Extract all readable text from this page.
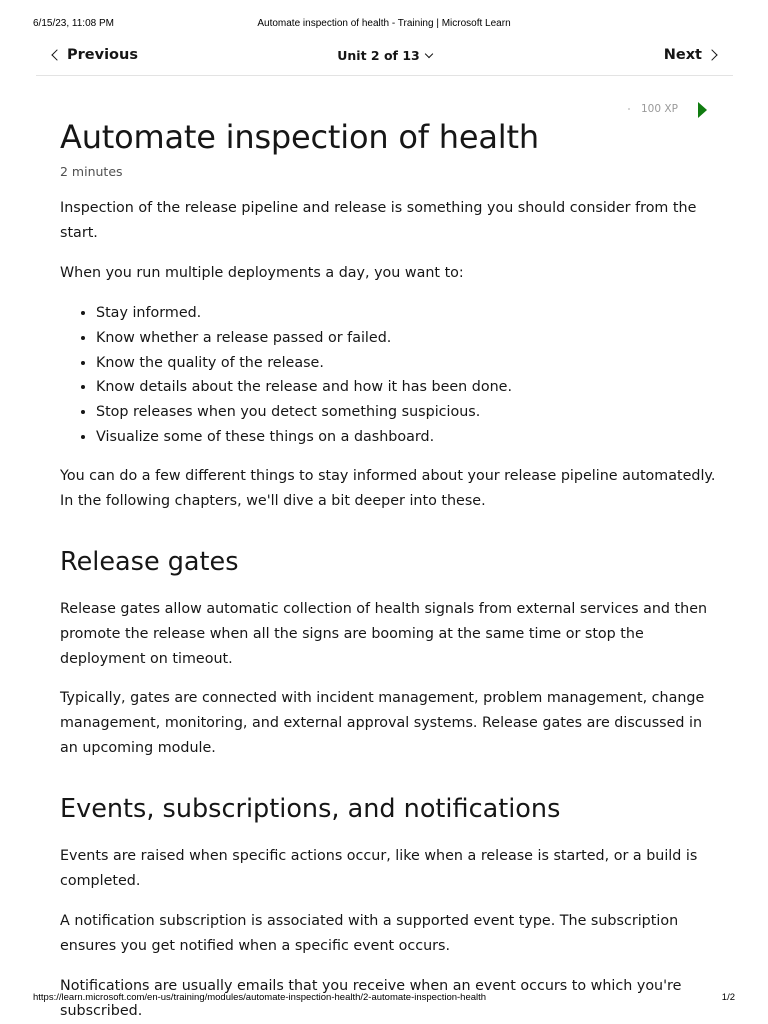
6/15/23, 11:08 PM	Automate inspection of health - Training | Microsoft Learn
Previous	Unit 2 of 13	Next
100 XP
Automate inspection of health
2 minutes

Inspection of the release pipeline and release is something you should consider from the start.

When you run multiple deployments a day, you want to:

• Stay informed.
• Know whether a release passed or failed.
• Know the quality of the release.
• Know details about the release and how it has been done.
• Stop releases when you detect something suspicious.
• Visualize some of these things on a dashboard.

You can do a few different things to stay informed about your release pipeline automatedly. In the following chapters, we'll dive a bit deeper into these.

Release gates

Release gates allow automatic collection of health signals from external services and then promote the release when all the signs are booming at the same time or stop the deployment on timeout.

Typically, gates are connected with incident management, problem management, change management, monitoring, and external approval systems. Release gates are discussed in an upcoming module.

Events, subscriptions, and notifications

Events are raised when specific actions occur, like when a release is started, or a build is completed.

A notification subscription is associated with a supported event type. The subscription ensures you get notified when a specific event occurs.

Notifications are usually emails that you receive when an event occurs to which you're subscribed.

https://learn.microsoft.com/en-us/training/modules/automate-inspection-health/2-automate-inspection-health	1/2
